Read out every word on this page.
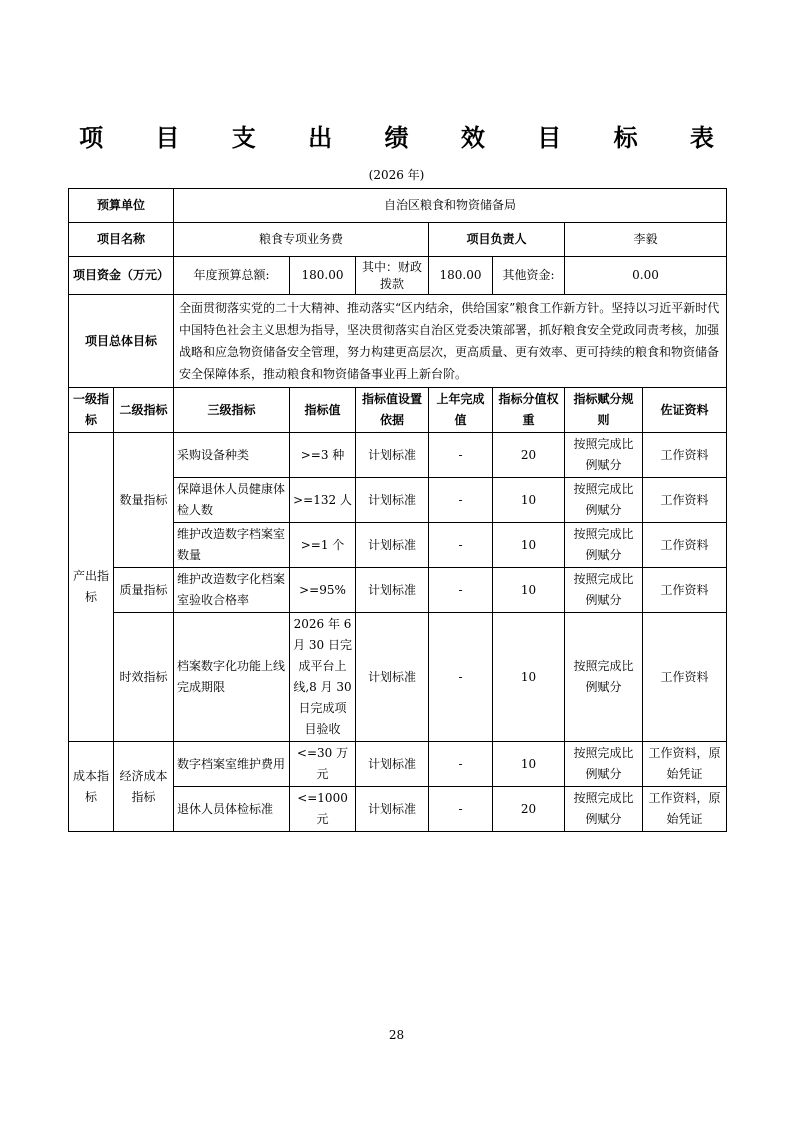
项 目 支 出 绩 效 目 标 表
(2026 年)
预算单位		自治区粮食和物资储备局						
项目名称		粮食专项业务费			项目负责人		李毅	
项目资金（万元）		年度预算总额:	180.00	其中：财政拨款	180.00	其他资金:	0.00	
项目总体目标		全面贯彻落实党的二十大精神、推动落实“区内结余，供给国家”粮食工作新方针。坚持以习近平新时代中国特色社会主义思想为指导，坚决贯彻落实自治区党委决策部署，抓好粮食安全党政同责考核，加强战略和应急物资储备安全管理，努力构建更高层次，更高质量、更有效率、更可持续的粮食和物资储备安全保障体系，推动粮食和物资储备事业再上新台阶。						
一级指标	二级指标	三级指标	指标值	指标值设置依据	上年完成值	指标分值权重	指标赋分规则	佐证资料
产出指标	数量指标	采购设备种类	>=3 种	计划标准	-	20	按照完成比例赋分	工作资料
		保障退休人员健康体检人数	>=132 人	计划标准	-	10	按照完成比例赋分	工作资料
		维护改造数字档案室数量	>=1 个	计划标准	-	10	按照完成比例赋分	工作资料
	质量指标	维护改造数字化档案室验收合格率	>=95%	计划标准	-	10	按照完成比例赋分	工作资料
	时效指标	档案数字化功能上线完成期限	2026 年 6 月 30 日完成平台上线,8 月 30 日完成项目验收	计划标准	-	10	按照完成比例赋分	工作资料
成本指标	经济成本指标	数字档案室维护费用	<=30 万元	计划标准	-	10	按照完成比例赋分	工作资料，原始凭证
		退休人员体检标准	<=1000 元	计划标准	-	20	按照完成比例赋分	工作资料，原始凭证
28
